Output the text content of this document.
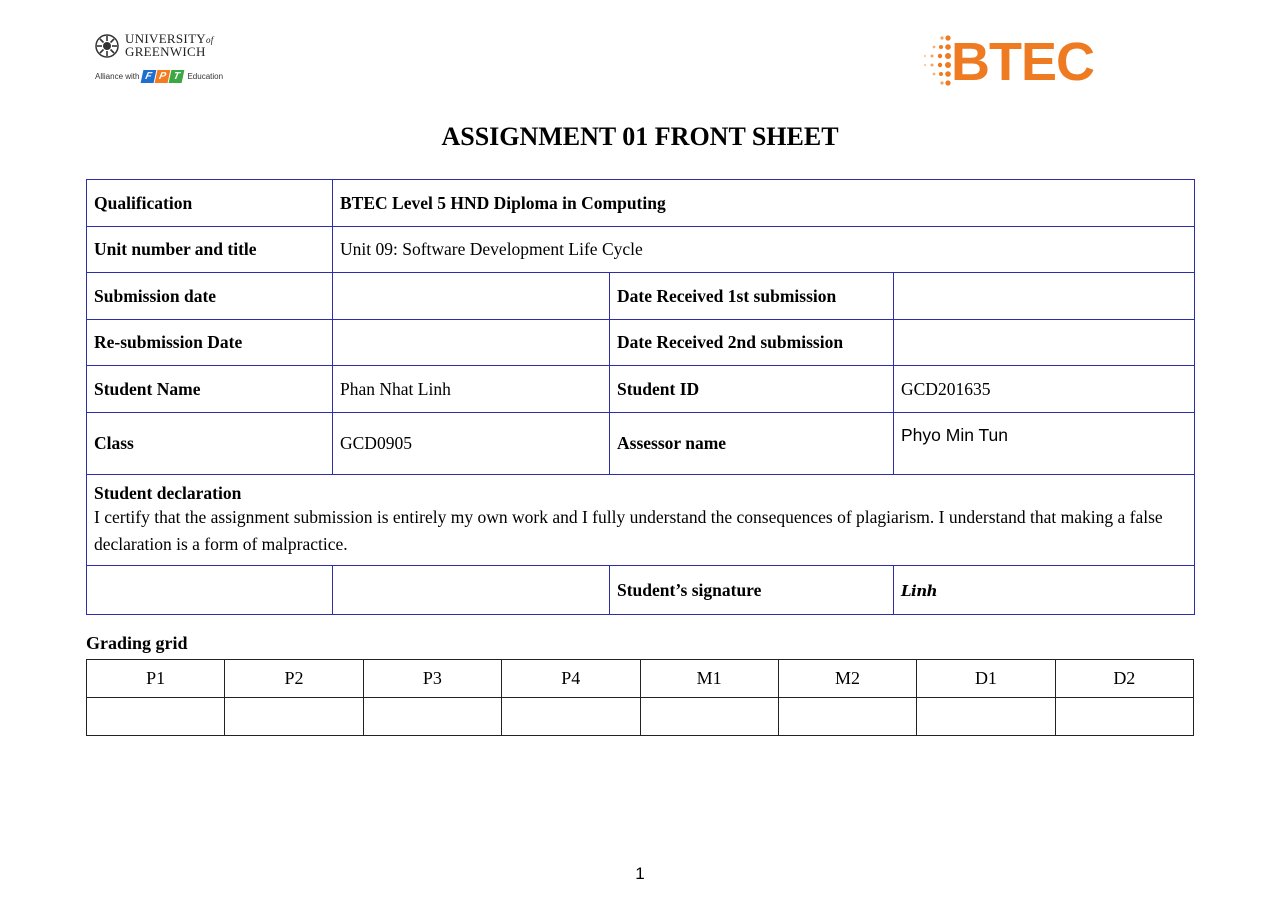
UNIVERSITYof
GREENWICH
Alliance with F P T Education	BTEC
ASSIGNMENT 01 FRONT SHEET
Qualification	BTEC Level 5 HND Diploma in Computing		
Unit number and title	Unit 09: Software Development Life Cycle		
Submission date		Date Received 1st submission	
Re-submission Date		Date Received 2nd submission	
Student Name	Phan Nhat Linh	Student ID	GCD201635
Class	GCD0905	Assessor name	Phyo Min Tun

Student declaration
I certify that the assignment submission is entirely my own work and I fully understand the consequences of plagiarism. I understand that making a false declaration is a form of malpractice.			

		Student’s signature	Linh
Grading grid
P1	P2	P3	P4	M1	M2	D1	D2

1
